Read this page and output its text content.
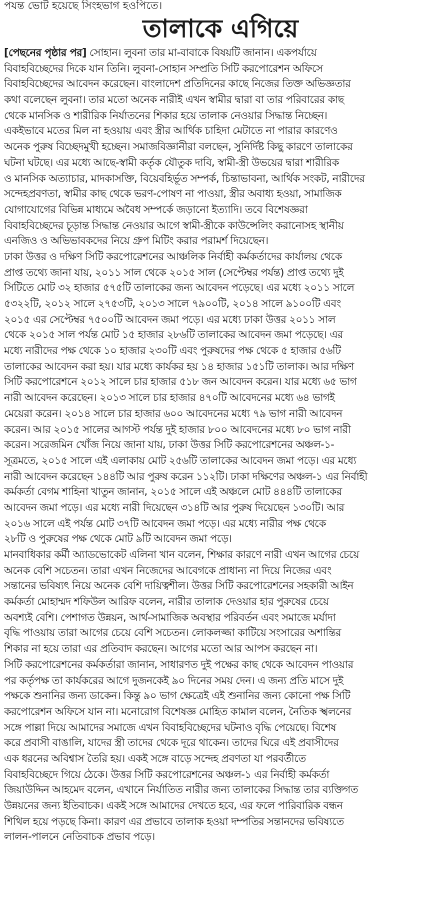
পযন্ত ভোট হয়েছে সিংহভাগ হওপিতে।
তালাকে এগিয়ে
[পেছনের পৃষ্ঠার পর] সোহান। লুবনা তার মা-বাবাকে বিষয়টি জানান। একপর্যায়ে
বিবাহবিচ্ছেদের দিকে যান তিনি। লুবনা-সোহান সম্প্রতি সিটি করপোরেশন অফিসে
বিবাহবিচ্ছেদের আবেদন করেছেন। বাংলাদেশ প্রতিদিনের কাছে নিজের তিক্ত অভিজ্ঞতার
কথা বলেছেন লুবনা। তার মতো অনেক নারীই এখন স্বামীর দ্বারা বা তার পরিবারের কাছ
থেকে মানসিক ও শারীরিক নির্যাতনের শিকার হয়ে তালাক নেওয়ার সিদ্ধান্ত নিচ্ছেন।
একইভাবে মতের মিল না হওয়ায় এবং স্ত্রীর আর্থিক চাহিদা মেটাতে না পারার কারণেও
অনেক পুরুষ বিচ্ছেদমুখী হচ্ছেন। সমাজবিজ্ঞানীরা বলছেন, সুনির্দিষ্ট কিছু কারণে তালাকের
ঘটনা ঘটছে। এর মধ্যে আছে-স্বামী কর্তৃক যৌতুক দাবি, স্বামী-স্ত্রী উভয়ের দ্বারা শারীরিক
ও মানসিক অত্যাচার, মাদকাসক্তি, বিয়েবহির্ভূত সম্পর্ক, চিন্তাভাবনা, আর্থিক সংকট, নারীদের
সন্দেহপ্রবণতা, স্বামীর কাছ থেকে ভরণ-পোষণ না পাওয়া, স্ত্রীর অবাধ্য হওয়া, সামাজিক
যোগাযোগের বিভিন্ন মাধ্যমে অবৈধ সম্পর্কে জড়ানো ইত্যাদি। তবে বিশেষজ্ঞরা
বিবাহবিচ্ছেদের চূড়ান্ত সিদ্ধান্ত নেওয়ার আগে স্বামী-স্ত্রীকে কাউন্সেলিং করানোসহ স্থানীয়
এনজিও ও অভিভাবকদের নিয়ে গ্রুপ মিটিং করার পরামর্শ দিয়েছেন।
ঢাকা উত্তর ও দক্ষিণ সিটি করপোরেশনের আঞ্চলিক নির্বাহী কর্মকর্তাদের কার্যালয় থেকে
প্রাপ্ত তথ্যে জানা যায়, ২০১১ সাল থেকে ২০১৫ সাল (সেপ্টেম্বর পর্যন্ত) প্রাপ্ত তথ্যে দুই
সিটিতে মোট ৩২ হাজার ৫৭৫টি তালাকের জন্য আবেদন পড়েছে। এর মধ্যে ২০১১ সালে
৫৩২২টি, ২০১২ সালে ২৭৫৩টি, ২০১৩ সালে ৭৯০০টি, ২০১৪ সালে ৯১০০টি এবং
২০১৫ এর সেপ্টেম্বর ৭৫০০টি আবেদন জমা পড়ে। এর মধ্যে ঢাকা উত্তর ২০১১ সাল
থেকে ২০১৫ সাল পর্যন্ত মোট ১৫ হাজার ২৮৬টি তালাকের আবেদন জমা পড়েছে। এর
মধ্যে নারীদের পক্ষ থেকে ১০ হাজার ২৩০টি এবং পুরুষদের পক্ষ থেকে ৫ হাজার ৫৬টি
তালাকের আবেদন করা হয়। যার মধ্যে কার্যকর হয় ১৪ হাজার ১৫১টি তালাক। আর দক্ষিণ
সিটি করপোরেশনে ২০১২ সালে চার হাজার ৫১৮ জন আবেদন করেন। যার মধ্যে ৬৫ ভাগ
নারী আবেদন করেছেন। ২০১৩ সালে চার হাজার ৪৭০টি আবেদনের মধ্যে ৬৪ ভাগই
মেয়েরা করেন। ২০১৪ সালে চার হাজার ৬০০ আবেদনের মধ্যে ৭৯ ভাগ নারী আবেদন
করেন। আর ২০১৫ সালের আগস্ট পর্যন্ত দুই হাজার ৮০০ আবেদনের মধ্যে ৮০ ভাগ নারী
করেন। সরেজমিন খোঁজ নিয়ে জানা যায়, ঢাকা উত্তর সিটি করপোরেশনের অঞ্চল-১-
সূত্রমতে, ২০১৫ সালে এই এলাকায় মোট ২৫৬টি তালাকের আবেদন জমা পড়ে। এর মধ্যে
নারী আবেদন করেছেন ১৪৪টি আর পুরুষ করেন ১১২টি। ঢাকা দক্ষিণের অঞ্চল-১ এর নির্বাহী
কর্মকর্তা বেগম শাহিনা খাতুন জানান, ২০১৫ সালে এই অঞ্চলে মোট ৪৪৪টি তালাকের
আবেদন জমা পড়ে। এর মধ্যে নারী দিয়েছেন ৩১৪টি আর পুরুষ দিয়েছেন ১৩০টি। আর
২০১৬ সালে এই পর্যন্ত মোট ৩৭টি আবেদন জমা পড়ে। এর মধ্যে নারীর পক্ষ থেকে
২৮টি ও পুরুষের পক্ষ থেকে মোট ৯টি আবেদন জমা পড়ে।
মানবাধিকার কর্মী অ্যাডভোকেট এলিনা খান বলেন, শিক্ষার কারণে নারী এখন আগের চেয়ে
অনেক বেশি সচেতন। তারা এখন নিজেদের আবেগকে প্রাধান্য না দিয়ে নিজের এবং
সন্তানের ভবিষ্যৎ নিয়ে অনেক বেশি দায়িত্বশীল। উত্তর সিটি করপোরেশনের সহকারী আইন
কর্মকর্তা মোহাম্মদ শফিউল আরিফ বলেন, নারীর তালাক দেওয়ার হার পুরুষের চেয়ে
অবশ্যই বেশি। পেশাগত উন্নয়ন, আর্থ-সামাজিক অবস্থার পরিবর্তন এবং সমাজে মর্যাদা
বৃদ্ধি পাওয়ায় তারা আগের চেয়ে বেশি সচেতন। লোকলজ্জা কাটিয়ে সংসারের অশান্তির
শিকার না হয়ে তারা এর প্রতিবাদ করছেন। আগের মতো আর আপস করছেন না।
সিটি করপোরেশনের কর্মকর্তারা জানান, সাধারণত দুই পক্ষের কাছ থেকে আবেদন পাওয়ার
পর কর্তৃপক্ষ তা কার্যকরের আগে দুজনকেই ৯০ দিনের সময় দেন। এ জন্য প্রতি মাসে দুই
পক্ষকে শুনানির জন্য ডাকেন। কিন্তু ৯০ ভাগ ক্ষেত্রেই এই শুনানির জন্য কোনো পক্ষ সিটি
করপোরেশন অফিসে যান না। মনোরোগ বিশেষজ্ঞ মোহিত কামাল বলেন, নৈতিক স্খলনের
সঙ্গে পাল্লা দিয়ে আমাদের সমাজে এখন বিবাহবিচ্ছেদের ঘটনাও বৃদ্ধি পেয়েছে। বিশেষ
করে প্রবাসী বাঙালি, যাদের স্ত্রী তাদের থেকে দূরে থাকেন। তাদের ঘিরে এই প্রবাসীদের
এক ধরনের অবিশ্বাস তৈরি হয়। একই সঙ্গে বাড়ে সন্দেহ প্রবণতা যা পরবর্তীতে
বিবাহবিচ্ছেদে গিয়ে ঠেকে। উত্তর সিটি করপোরেশনের অঞ্চল-১ এর নির্বাহী কর্মকর্তা
জিয়াউদ্দিন আহমেদ বলেন, এখানে নির্যাতিত নারীর জন্য তালাকের সিদ্ধান্ত তার ব্যক্তিগত
উন্নয়নের জন্য ইতিবাচক। একই সঙ্গে আমাদের দেখতে হবে, এর ফলে পারিবারিক বন্ধন
শিথিল হয়ে পড়ছে কিনা। কারণ এর প্রভাবে তালাক হওয়া দম্পতির সন্তানদের ভবিষ্যতে
লালন-পালনে নেতিবাচক প্রভাব পড়ে।
